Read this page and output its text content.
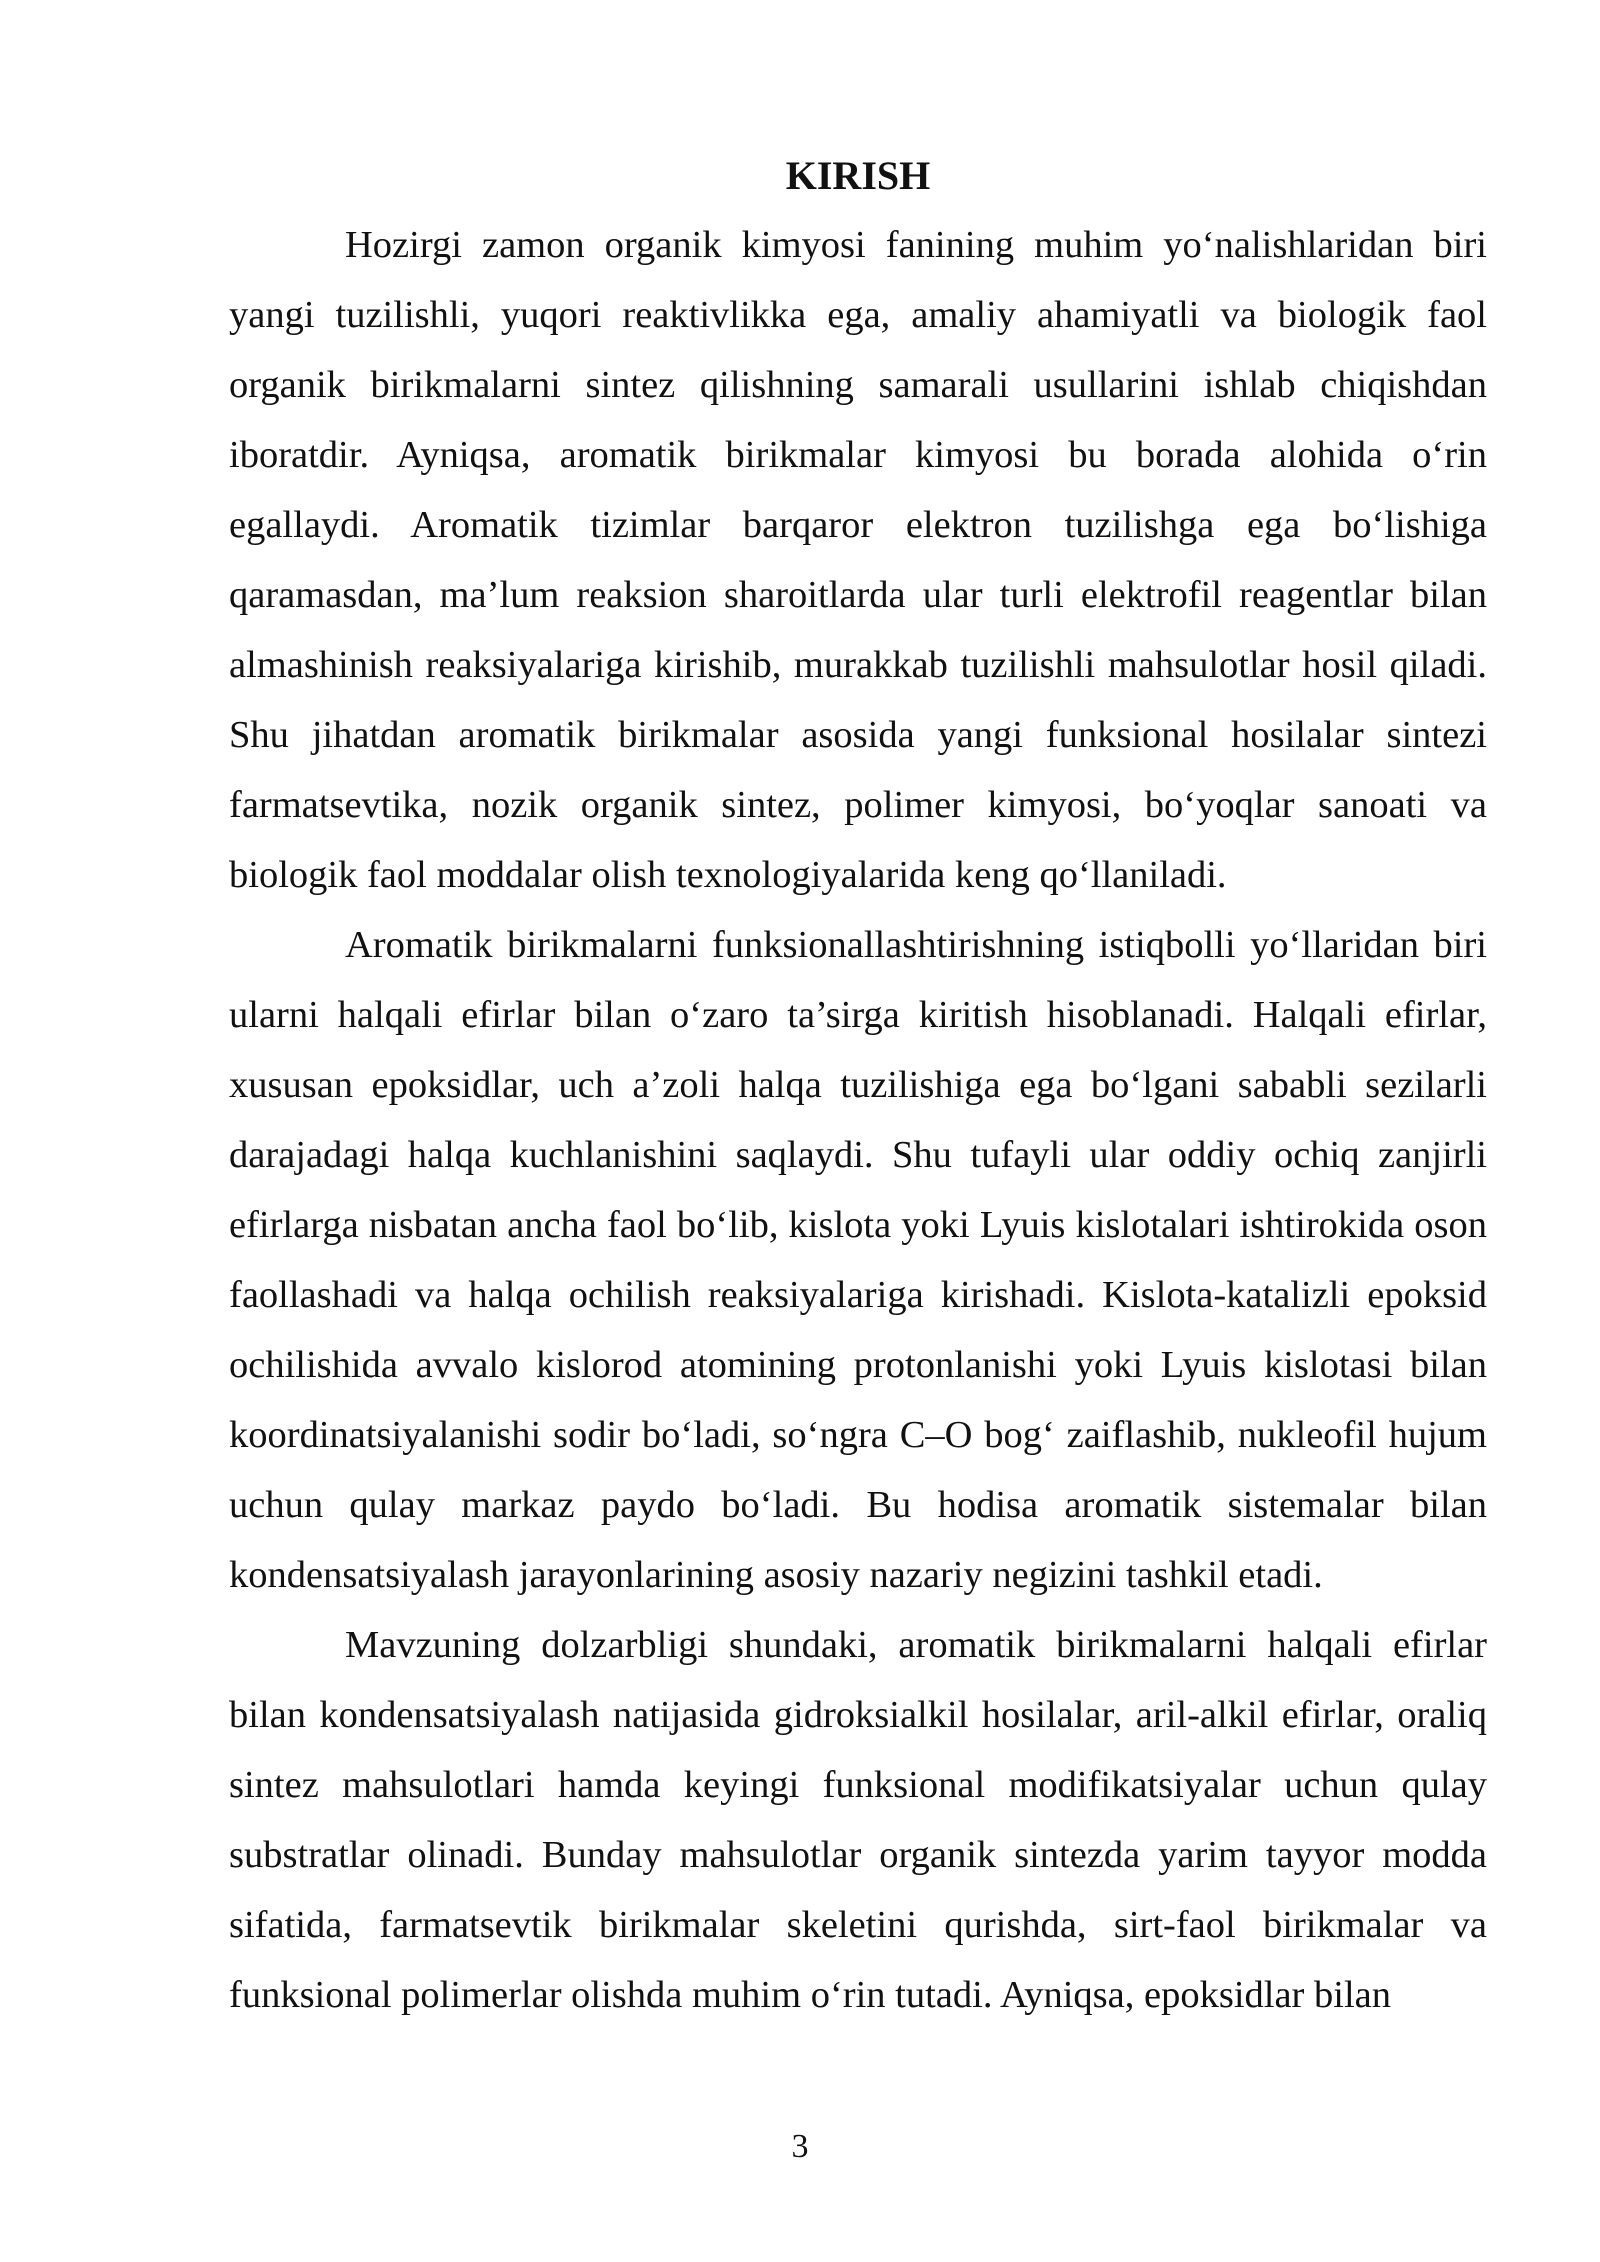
KIRISH

Hozirgi zamon organik kimyosi fanining muhim yo‘nalishlaridan biri yangi tuzilishli, yuqori reaktivlikka ega, amaliy ahamiyatli va biologik faol organik birikmalarni sintez qilishning samarali usullarini ishlab chiqishdan iboratdir. Ayniqsa, aromatik birikmalar kimyosi bu borada alohida o‘rin egallaydi. Aromatik tizimlar barqaror elektron tuzilishga ega bo‘lishiga qaramasdan, ma’lum reaksion sharoitlarda ular turli elektrofil reagentlar bilan almashinish reaksiyalariga kirishib, murakkab tuzilishli mahsulotlar hosil qiladi. Shu jihatdan aromatik birikmalar asosida yangi funksional hosilalar sintezi farmatsevtika, nozik organik sintez, polimer kimyosi, bo‘yoqlar sanoati va biologik faol moddalar olish texnologiyalarida keng qo‘llaniladi.

Aromatik birikmalarni funksionallashtirishning istiqbolli yo‘llaridan biri ularni halqali efirlar bilan o‘zaro ta’sirga kiritish hisoblanadi. Halqali efirlar, xususan epoksidlar, uch a’zoli halqa tuzilishiga ega bo‘lgani sababli sezilarli darajadagi halqa kuchlanishini saqlaydi. Shu tufayli ular oddiy ochiq zanjirli efirlarga nisbatan ancha faol bo‘lib, kislota yoki Lyuis kislotalari ishtirokida oson faollashadi va halqa ochilish reaksiyalariga kirishadi. Kislota-katalizli epoksid ochilishida avvalo kislorod atomining protonlanishi yoki Lyuis kislotasi bilan koordinatsiyalanishi sodir bo‘ladi, so‘ngra C–O bog‘ zaiflashib, nukleofil hujum uchun qulay markaz paydo bo‘ladi. Bu hodisa aromatik sistemalar bilan kondensatsiyalash jarayonlarining asosiy nazariy negizini tashkil etadi.

Mavzuning dolzarbligi shundaki, aromatik birikmalarni halqali efirlar bilan kondensatsiyalash natijasida gidroksialkil hosilalar, aril-alkil efirlar, oraliq sintez mahsulotlari hamda keyingi funksional modifikatsiyalar uchun qulay substratlar olinadi. Bunday mahsulotlar organik sintezda yarim tayyor modda sifatida, farmatsevtik birikmalar skeletini qurishda, sirt-faol birikmalar va funksional polimerlar olishda muhim o‘rin tutadi. Ayniqsa, epoksidlar bilan

3
